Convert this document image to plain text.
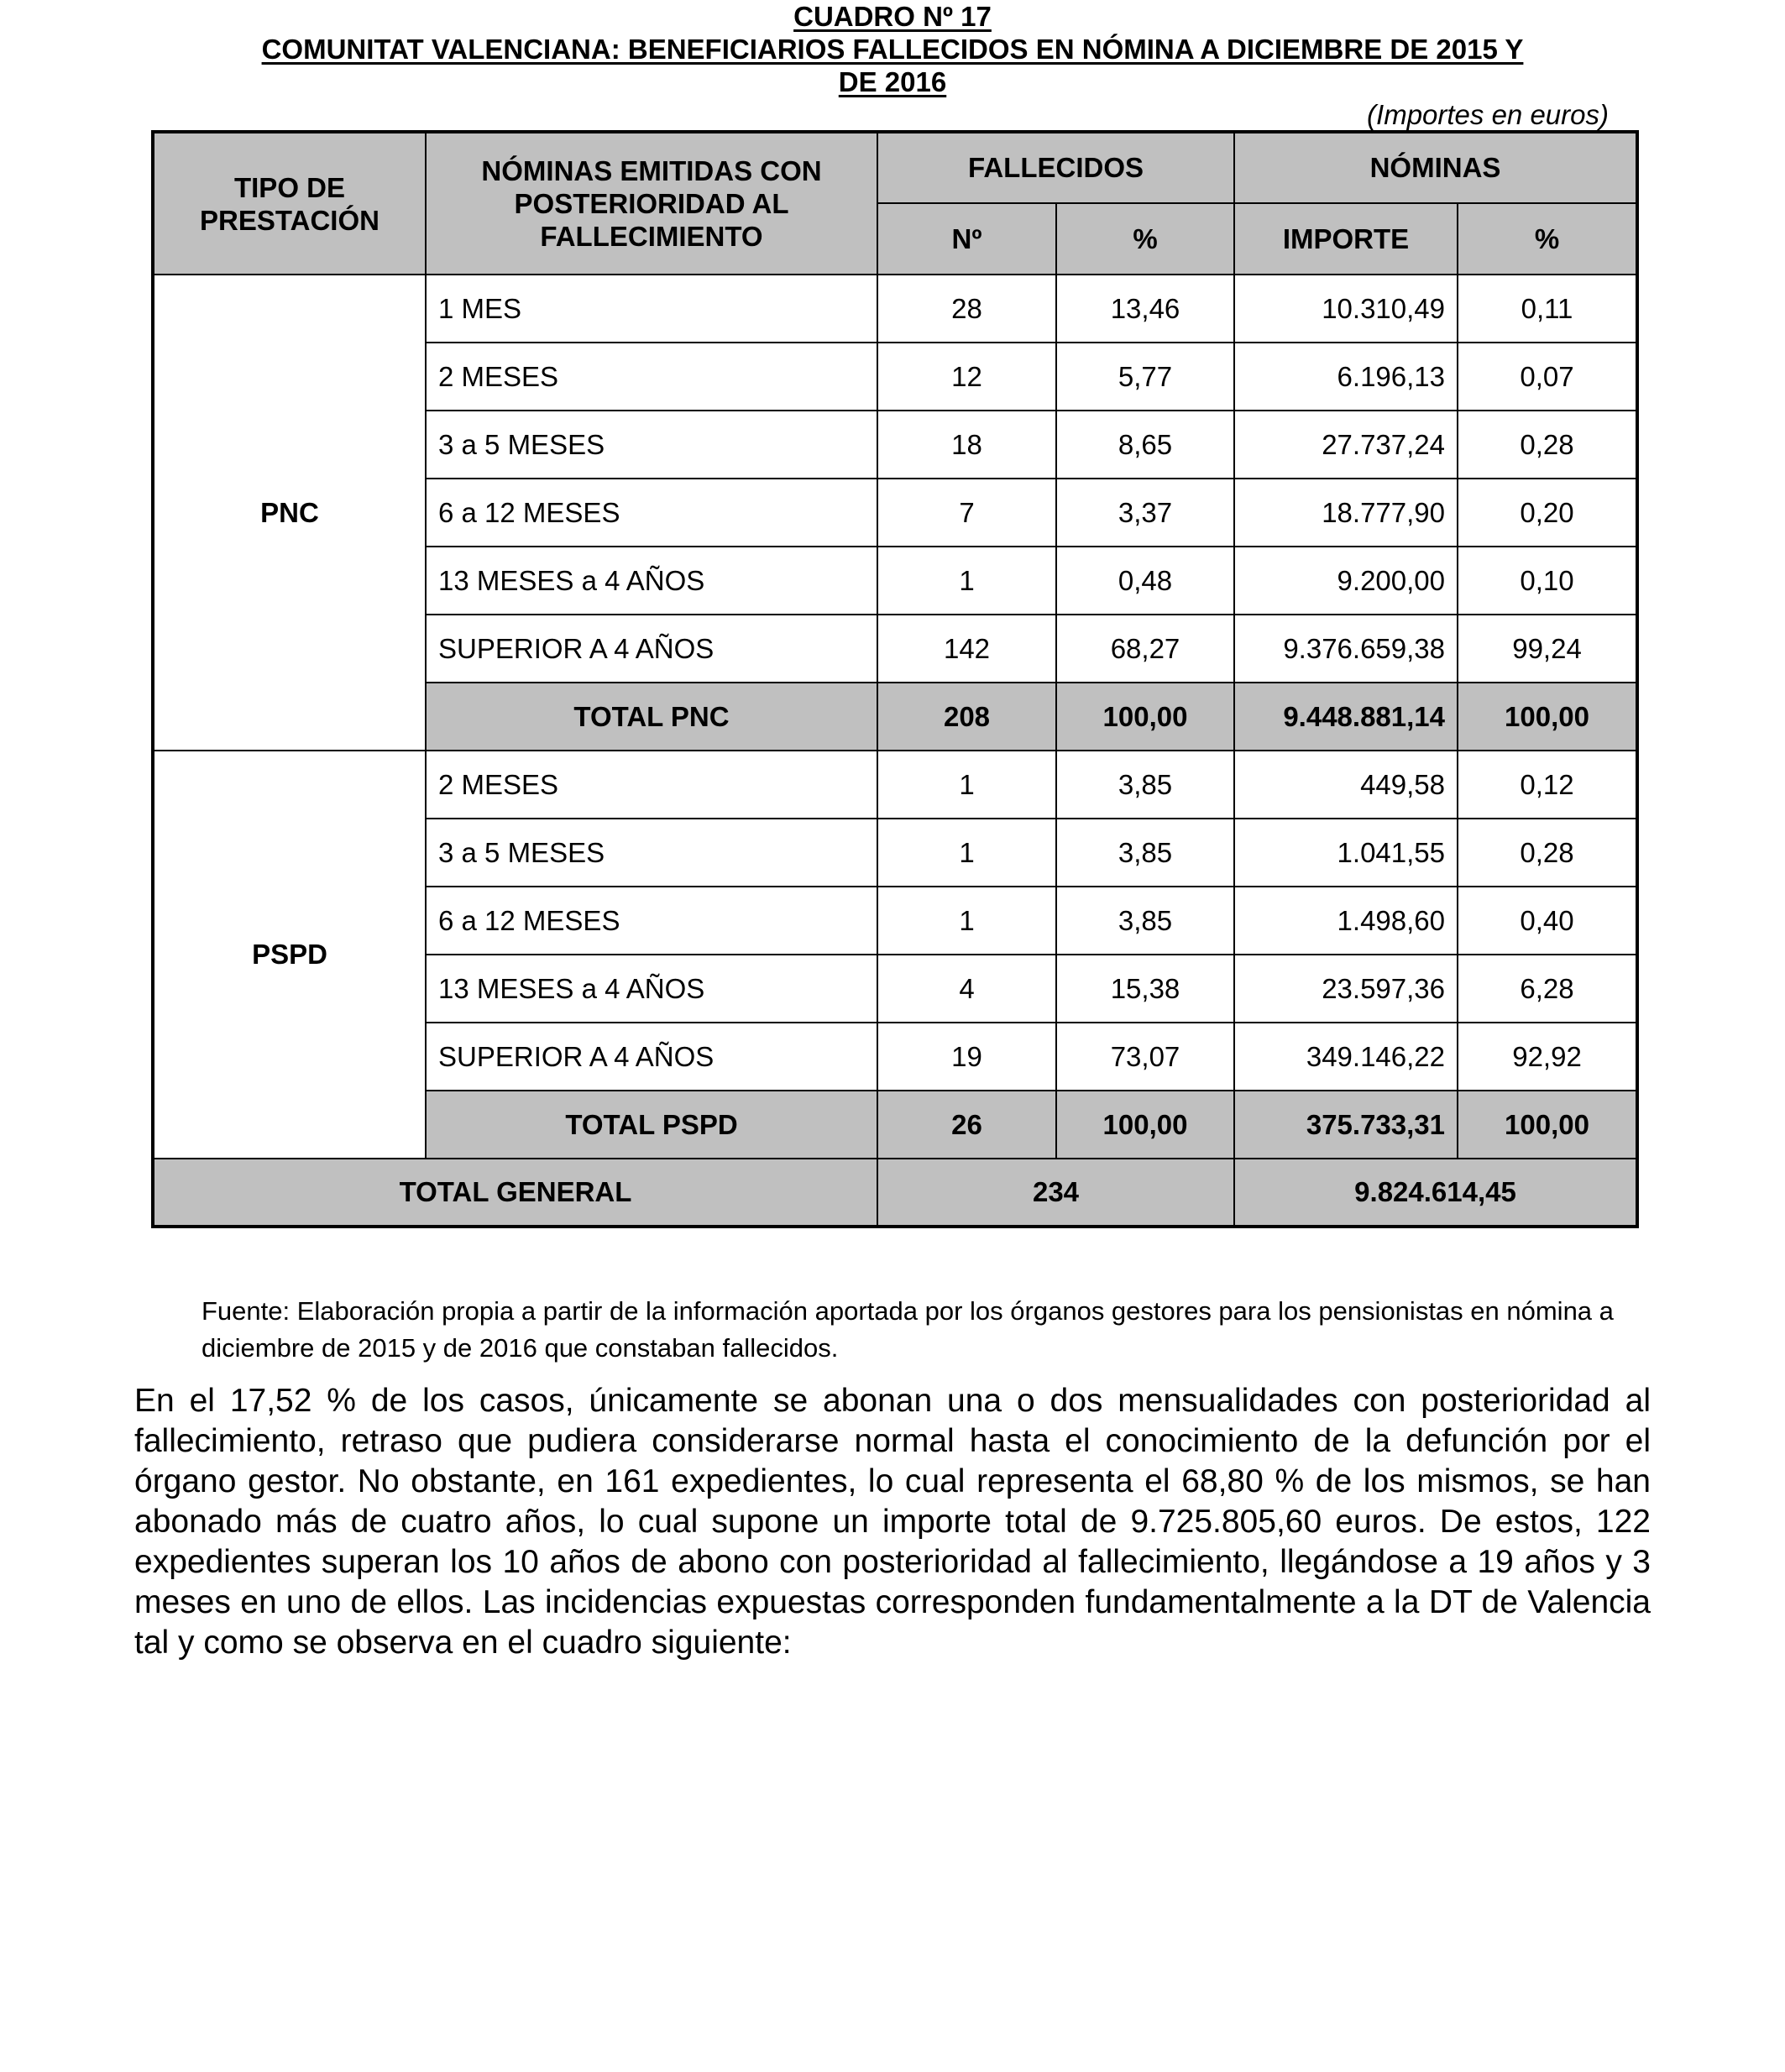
CUADRO Nº 17
COMUNITAT VALENCIANA: BENEFICIARIOS FALLECIDOS EN NÓMINA A DICIEMBRE DE 2015 Y
DE 2016
(Importes en euros)
TIPO DE PRESTACIÓN	NÓMINAS EMITIDAS CON POSTERIORIDAD AL FALLECIMIENTO	FALLECIDOS		NÓMINAS	
		Nº	%	IMPORTE	%
PNC	1 MES	28	13,46	10.310,49	0,11
	2 MESES	12	5,77	6.196,13	0,07
	3 a 5 MESES	18	8,65	27.737,24	0,28
	6 a 12 MESES	7	3,37	18.777,90	0,20
	13 MESES a 4 AÑOS	1	0,48	9.200,00	0,10
	SUPERIOR A 4 AÑOS	142	68,27	9.376.659,38	99,24
	TOTAL PNC	208	100,00	9.448.881,14	100,00
PSPD	2 MESES	1	3,85	449,58	0,12
	3 a 5 MESES	1	3,85	1.041,55	0,28
	6 a 12 MESES	1	3,85	1.498,60	0,40
	13 MESES a 4 AÑOS	4	15,38	23.597,36	6,28
	SUPERIOR A 4 AÑOS	19	73,07	349.146,22	92,92
	TOTAL PSPD	26	100,00	375.733,31	100,00
TOTAL GENERAL		234		9.824.614,45	
Fuente: Elaboración propia a partir de la información aportada por los órganos gestores para los pensionistas en nómina a diciembre de 2015 y de 2016 que constaban fallecidos.
En el 17,52 % de los casos, únicamente se abonan una o dos mensualidades con posterioridad al fallecimiento, retraso que pudiera considerarse normal hasta el conocimiento de la defunción por el órgano gestor. No obstante, en 161 expedientes, lo cual representa el 68,80 % de los mismos, se han abonado más de cuatro años, lo cual supone un importe total de 9.725.805,60 euros. De estos, 122 expedientes superan los 10 años de abono con posterioridad al fallecimiento, llegándose a 19 años y 3 meses en uno de ellos. Las incidencias expuestas corresponden fundamentalmente a la DT de Valencia tal y como se observa en el cuadro siguiente:
